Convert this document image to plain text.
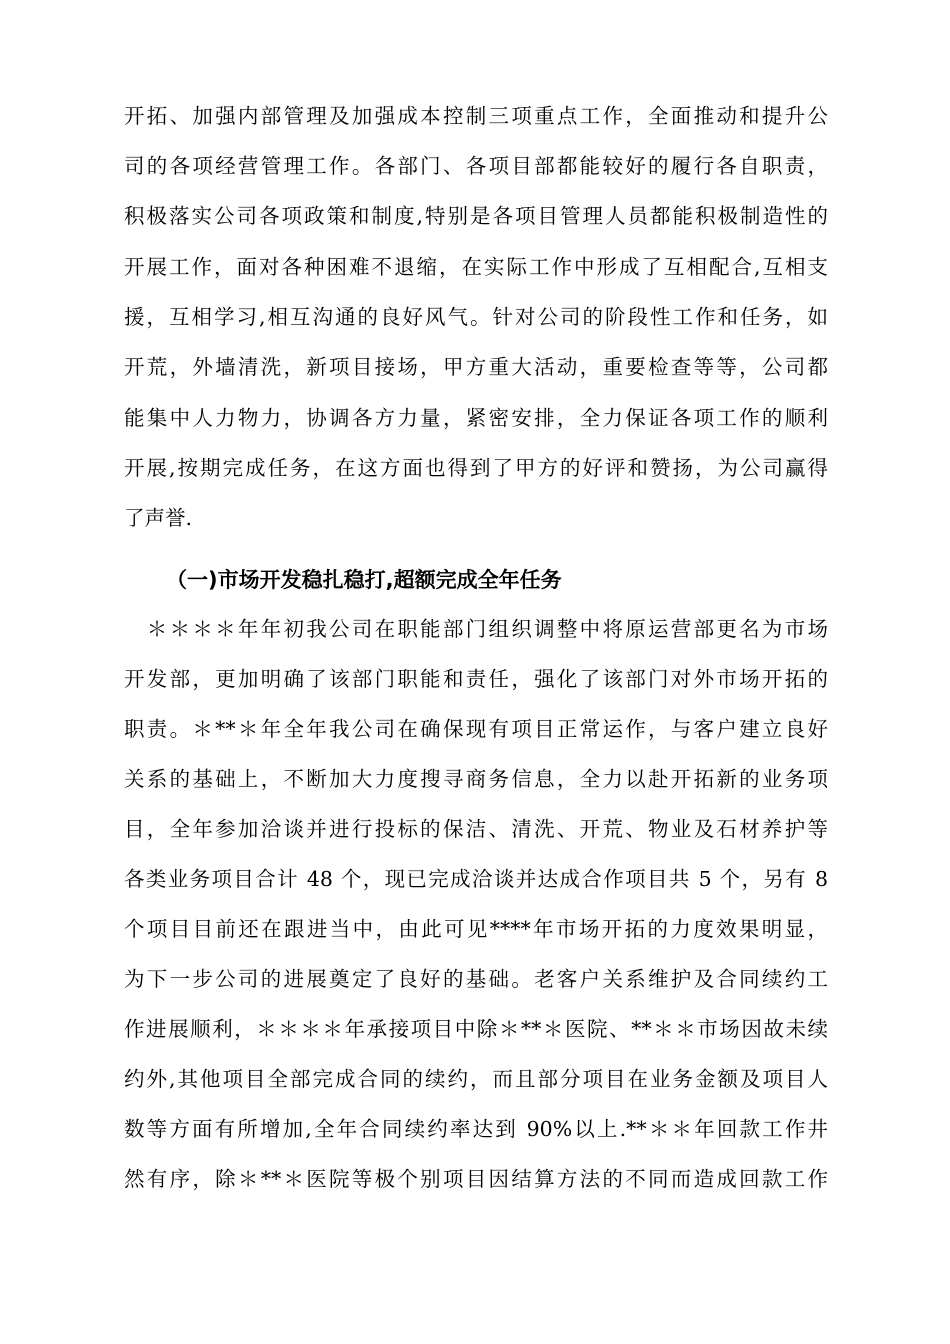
开拓、加强内部管理及加强成本控制三项重点工作，全面推动和提升公
司的各项经营管理工作。各部门、各项目部都能较好的履行各自职责，
积极落实公司各项政策和制度,特别是各项目管理人员都能积极制造性的
开展工作，面对各种困难不退缩，在实际工作中形成了互相配合,互相支
援，互相学习,相互沟通的良好风气。针对公司的阶段性工作和任务，如
开荒，外墙清洗，新项目接场，甲方重大活动，重要检查等等，公司都
能集中人力物力，协调各方力量，紧密安排，全力保证各项工作的顺利
开展,按期完成任务，在这方面也得到了甲方的好评和赞扬，为公司赢得
了声誉.
（一)市场开发稳扎稳打,超额完成全年任务
　＊＊＊＊年年初我公司在职能部门组织调整中将原运营部更名为市场
开发部，更加明确了该部门职能和责任，强化了该部门对外市场开拓的
职责。＊**＊年全年我公司在确保现有项目正常运作，与客户建立良好
关系的基础上，不断加大力度搜寻商务信息，全力以赴开拓新的业务项
目，全年参加洽谈并进行投标的保洁、清洗、开荒、物业及石材养护等
各类业务项目合计 48 个，现已完成洽谈并达成合作项目共 5 个，另有 8
个项目目前还在跟进当中，由此可见****年市场开拓的力度效果明显，
为下一步公司的进展奠定了良好的基础。老客户关系维护及合同续约工
作进展顺利，＊＊＊＊年承接项目中除＊**＊医院、**＊＊市场因故未续
约外,其他项目全部完成合同的续约，而且部分项目在业务金额及项目人
数等方面有所增加,全年合同续约率达到 90%以上.**＊＊年回款工作井
然有序，除＊**＊医院等极个别项目因结算方法的不同而造成回款工作
